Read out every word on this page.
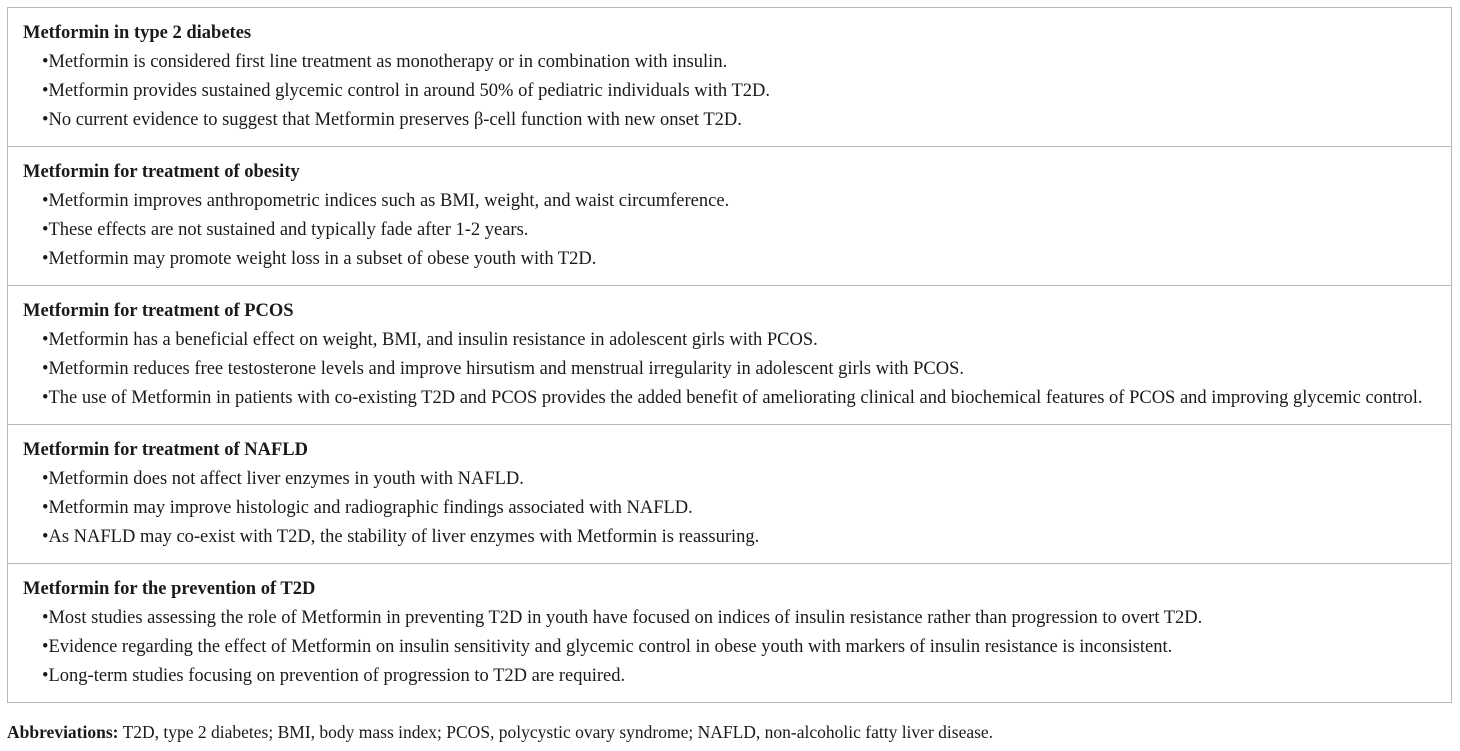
Metformin in type 2 diabetes
•Metformin is considered first line treatment as monotherapy or in combination with insulin.
•Metformin provides sustained glycemic control in around 50% of pediatric individuals with T2D.
•No current evidence to suggest that Metformin preserves β-cell function with new onset T2D.
Metformin for treatment of obesity
•Metformin improves anthropometric indices such as BMI, weight, and waist circumference.
•These effects are not sustained and typically fade after 1-2 years.
•Metformin may promote weight loss in a subset of obese youth with T2D.
Metformin for treatment of PCOS
•Metformin has a beneficial effect on weight, BMI, and insulin resistance in adolescent girls with PCOS.
•Metformin reduces free testosterone levels and improve hirsutism and menstrual irregularity in adolescent girls with PCOS.
•The use of Metformin in patients with co-existing T2D and PCOS provides the added benefit of ameliorating clinical and biochemical features of PCOS and improving glycemic control.
Metformin for treatment of NAFLD
•Metformin does not affect liver enzymes in youth with NAFLD.
•Metformin may improve histologic and radiographic findings associated with NAFLD.
•As NAFLD may co-exist with T2D, the stability of liver enzymes with Metformin is reassuring.
Metformin for the prevention of T2D
•Most studies assessing the role of Metformin in preventing T2D in youth have focused on indices of insulin resistance rather than progression to overt T2D.
•Evidence regarding the effect of Metformin on insulin sensitivity and glycemic control in obese youth with markers of insulin resistance is inconsistent.
•Long-term studies focusing on prevention of progression to T2D are required.
Abbreviations: T2D, type 2 diabetes; BMI, body mass index; PCOS, polycystic ovary syndrome; NAFLD, non-alcoholic fatty liver disease.
